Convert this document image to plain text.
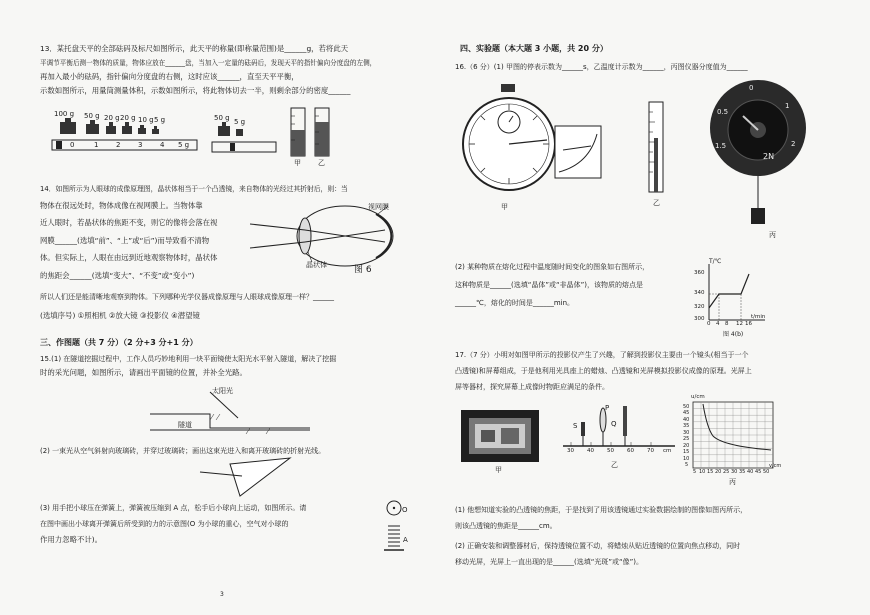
13．某托盘天平的全部砝码及标尺如图所示，此天平的称量(即称量范围)是______g，若将此天
平调节平衡后测一物体的质量，物体应放在______盘，当加入一定量的砝码后，发现天平的指针偏向分度盘的左侧，
再加入最小的砝码，指针偏向分度盘的右侧，这时应该______，直至天平平衡，
示数如图所示，用量筒测量体积，示数如图所示，将此物体切去一半，则剩余部分的密度______
100 g 50 g 20 g 20 g 10 g 5 g
0	1	2	3	4 5 g
50 g 5 g
甲 乙
14．如图所示为人眼球的成像原理图，晶状体相当于一个凸透镜，来自物体的光经过其折射后，则：当
物体在很远处时，物体成像在视网膜上。当物体靠
近人眼时，若晶状体的焦距不变，则它的像将会落在视
网膜______(选填“前”、“上”或“后”)而导致看不清物
体。但实际上，人眼在由远到近地观察物体时，晶状体
的焦距会______(选填“变大”、“不变”或“变小”)
所以人们还是能清晰地观察到物体。下列哪种光学仪器成像原理与人眼球成像原理一样？______
(选填序号) ①照相机 ②放大镜 ③投影仪 ④潜望镜
视网膜
晶状体	图 6
三、作图题（共 7 分）（2 分+3 分+1 分）
15.(1) 在隧道挖掘过程中，工作人员巧妙地利用一块平面镜使太阳光水平射入隧道，解决了挖掘
时的采光问题，如图所示，请画出平面镜的位置，并补全光路。
太阳光
隧道
(2) 一束光从空气斜射向玻璃砖，并穿过玻璃砖；画出这束光进入和离开玻璃砖的折射光线。
(3) 用手把小球压在弹簧上，弹簧被压缩到 A 点，松手后小球向上运动，如图所示。请
在图中画出小球离开弹簧后所受到的力的示意图(O 为小球的重心，空气对小球的
作用力忽略不计)。
O
A
3
四、实验题（本大题 3 小题，共 20 分）
16.（6 分）(1) 甲图的停表示数为______s，乙温度计示数为______，丙图仪器分度值为______
甲	乙
0
0.5
1
1.5	2
2N
丙
(2) 某种物质在熔化过程中温度随时间变化的图象如右图所示，
这种物质是______(选填“晶体”或“非晶体”)，该物质的熔点是
______℃，熔化的时间是______min。
T/℃
360
340
320
300
0 4 8 12 16
t/min
图 4(b)
17.（7 分）小明对如图甲所示的投影仪产生了兴趣，了解到投影仪主要由一个镜头(相当于一个
凸透镜)和屏幕组成，于是他利用光具座上的蜡烛、凸透镜和光屏模拟投影仪成像的原理。光屏上
屏等器材，探究屏幕上成像时物距应满足的条件。
甲
S
P
Q
30 40 50 60 70 cm
乙
u/cm
50
45
40
35
30
25
20
15
10
5
5 10 15 20 25 30 35 40 45 50
v/cm
丙
(1) 他想知道实验的凸透镜的焦距，于是找到了用该透镜通过实验数据绘制的图像如图丙所示，
则该凸透镜的焦距是______cm。
(2) 正确安装和调整器材后，保持透镜位置不动，将蜡烛从贴近透镜的位置向焦点移动，同时
移动光屏，光屏上一直出现的是______(选填“光斑”或“像”)。
